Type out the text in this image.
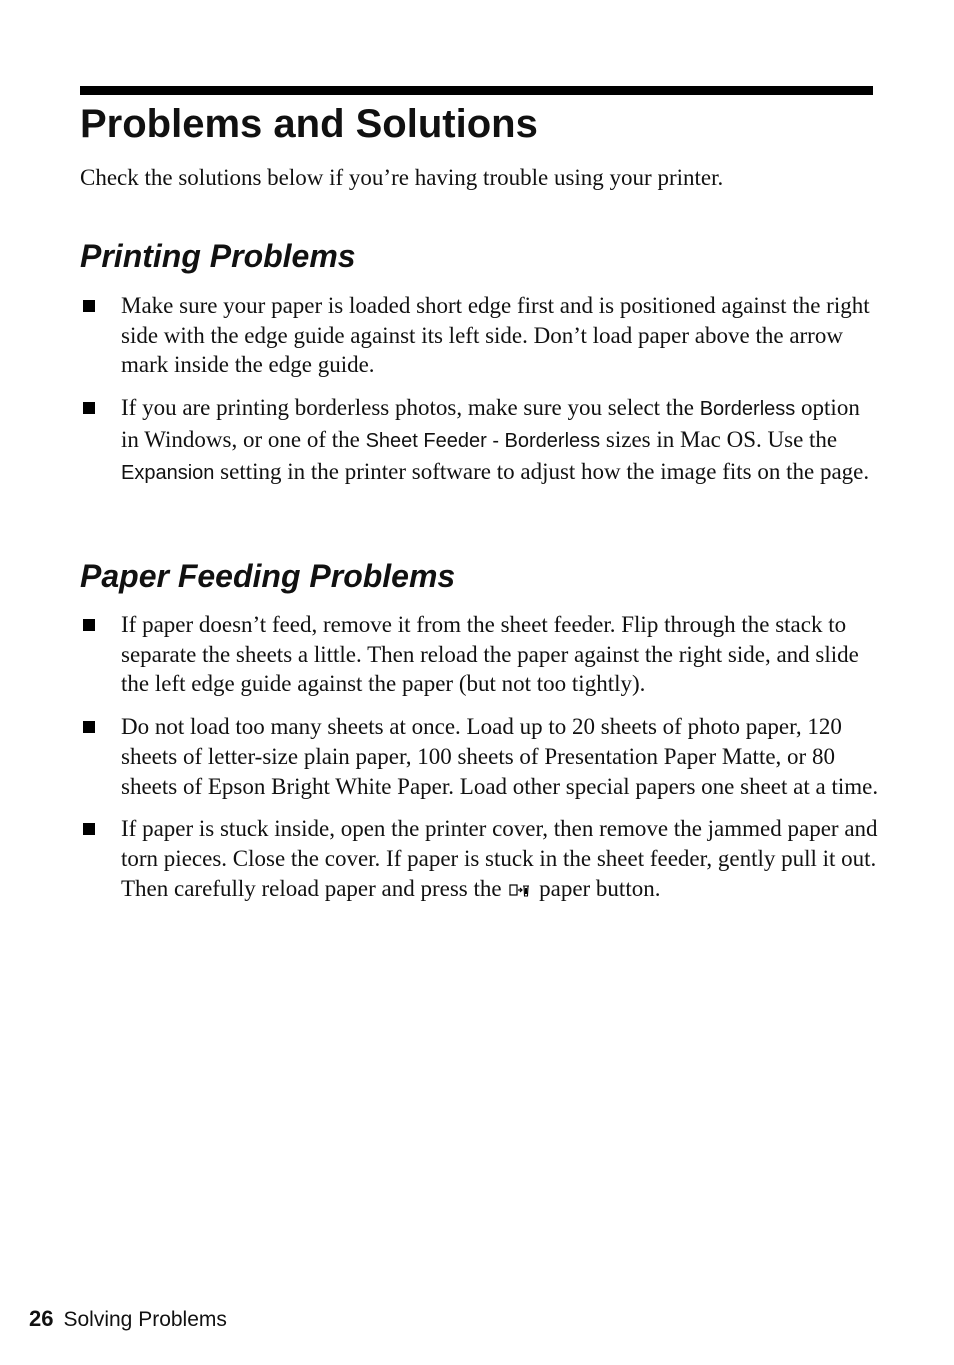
Problems and Solutions

Check the solutions below if you’re having trouble using your printer.

Printing Problems
Make sure your paper is loaded short edge first and is positioned against the right side with the edge guide against its left side. Don’t load paper above the arrow mark inside the edge guide.
If you are printing borderless photos, make sure you select the Borderless option in Windows, or one of the Sheet Feeder - Borderless sizes in Mac OS. Use the Expansion setting in the printer software to adjust how the image fits on the page.
Paper Feeding Problems
If paper doesn’t feed, remove it from the sheet feeder. Flip through the stack to separate the sheets a little. Then reload the paper against the right side, and slide the left edge guide against the paper (but not too tightly).
Do not load too many sheets at once. Load up to 20 sheets of photo paper, 120 sheets of letter-size plain paper, 100 sheets of Presentation Paper Matte, or 80 sheets of Epson Bright White Paper. Load other special papers one sheet at a time.
If paper is stuck inside, open the printer cover, then remove the jammed paper and torn pieces. Close the cover. If paper is stuck in the sheet feeder, gently pull it out. Then carefully reload paper and press the  paper button.
26 Solving Problems
